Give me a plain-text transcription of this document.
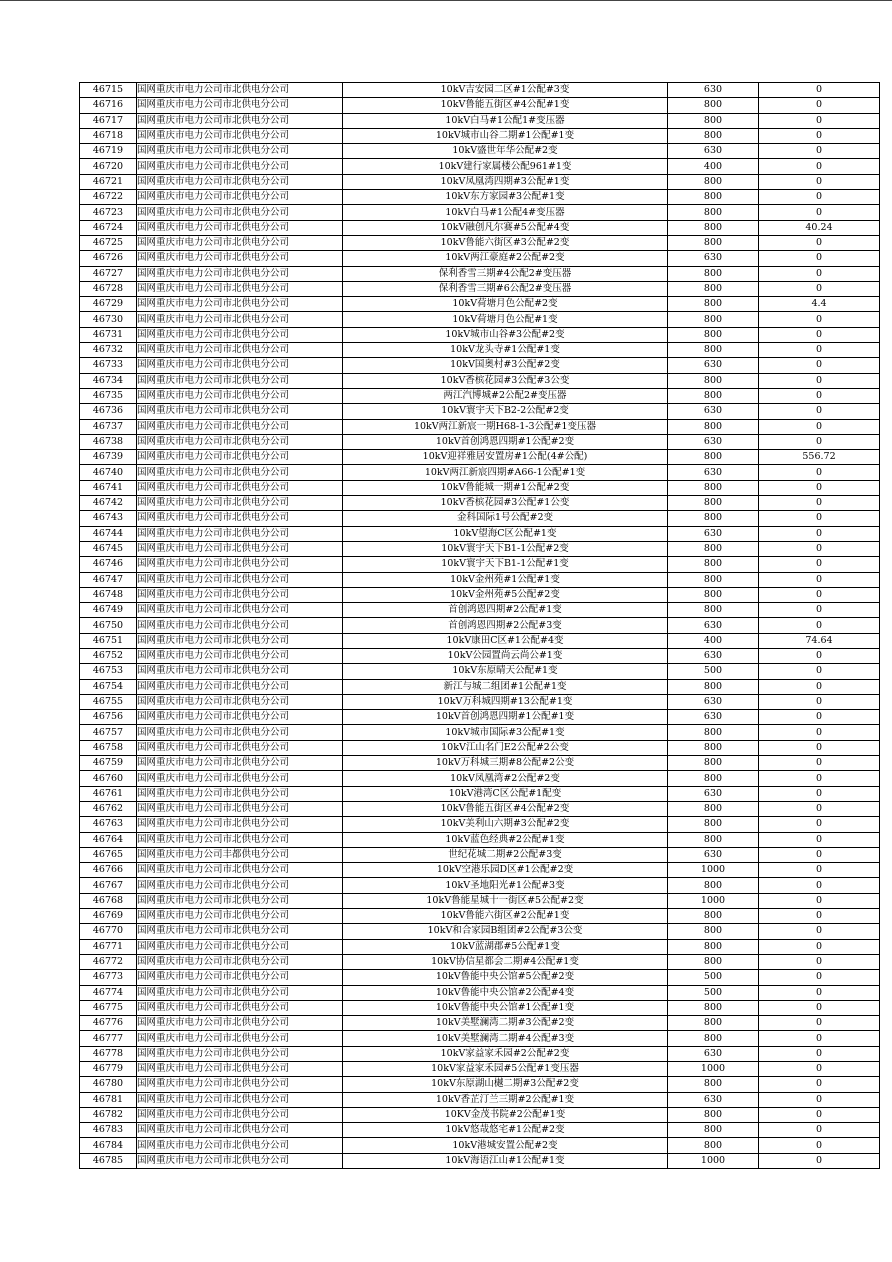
46715	国网重庆市电力公司市北供电分公司	10kV吉安园二区#1公配#3变	630	0
46716	国网重庆市电力公司市北供电分公司	10kV鲁能五街区#4公配#1变	800	0
46717	国网重庆市电力公司市北供电分公司	10kV白马#1公配1#变压器	800	0
46718	国网重庆市电力公司市北供电分公司	10kV城市山谷二期#1公配#1变	800	0
46719	国网重庆市电力公司市北供电分公司	10kV盛世年华公配#2变	630	0
46720	国网重庆市电力公司市北供电分公司	10kV建行家属楼公配961#1变	400	0
46721	国网重庆市电力公司市北供电分公司	10kV凤凰湾四期#3公配#1变	800	0
46722	国网重庆市电力公司市北供电分公司	10kV东方家园#3公配#1变	800	0
46723	国网重庆市电力公司市北供电分公司	10kV白马#1公配4#变压器	800	0
46724	国网重庆市电力公司市北供电分公司	10kV融创凡尔赛#5公配#4变	800	40.24
46725	国网重庆市电力公司市北供电分公司	10kV鲁能六街区#3公配#2变	800	0
46726	国网重庆市电力公司市北供电分公司	10kV两江豪庭#2公配#2变	630	0
46727	国网重庆市电力公司市北供电分公司	保利香雪三期#4公配2#变压器	800	0
46728	国网重庆市电力公司市北供电分公司	保利香雪三期#6公配2#变压器	800	0
46729	国网重庆市电力公司市北供电分公司	10kV荷塘月色公配#2变	800	4.4
46730	国网重庆市电力公司市北供电分公司	10kV荷塘月色公配#1变	800	0
46731	国网重庆市电力公司市北供电分公司	10kV城市山谷#3公配#2变	800	0
46732	国网重庆市电力公司市北供电分公司	10kV龙头寺#1公配#1变	800	0
46733	国网重庆市电力公司市北供电分公司	10kV国奥村#3公配#2变	630	0
46734	国网重庆市电力公司市北供电分公司	10kV香槟花园#3公配#3公变	800	0
46735	国网重庆市电力公司市北供电分公司	两江汽博城#2公配2#变压器	800	0
46736	国网重庆市电力公司市北供电分公司	10kV寰宇天下B2-2公配#2变	630	0
46737	国网重庆市电力公司市北供电分公司	10kV两江新宸一期H68-1-3公配#1变压器	800	0
46738	国网重庆市电力公司市北供电分公司	10kV首创鸿恩四期#1公配#2变	630	0
46739	国网重庆市电力公司市北供电分公司	10kV迎祥雅居安置房#1公配(4#公配)	800	556.72
46740	国网重庆市电力公司市北供电分公司	10kV两江新宸四期#A66-1公配#1变	630	0
46741	国网重庆市电力公司市北供电分公司	10kV鲁能城一期#1公配#2变	800	0
46742	国网重庆市电力公司市北供电分公司	10kV香槟花园#3公配#1公变	800	0
46743	国网重庆市电力公司市北供电分公司	金科国际1号公配#2变	800	0
46744	国网重庆市电力公司市北供电分公司	10kV望海C区公配#1变	630	0
46745	国网重庆市电力公司市北供电分公司	10kV寰宇天下B1-1公配#2变	800	0
46746	国网重庆市电力公司市北供电分公司	10kV寰宇天下B1-1公配#1变	800	0
46747	国网重庆市电力公司市北供电分公司	10kV金州苑#1公配#1变	800	0
46748	国网重庆市电力公司市北供电分公司	10kV金州苑#5公配#2变	800	0
46749	国网重庆市电力公司市北供电分公司	首创鸿恩四期#2公配#1变	800	0
46750	国网重庆市电力公司市北供电分公司	首创鸿恩四期#2公配#3变	630	0
46751	国网重庆市电力公司市北供电分公司	10kV康田C区#1公配#4变	400	74.64
46752	国网重庆市电力公司市北供电分公司	10kV公园置尚云尚公#1变	630	0
46753	国网重庆市电力公司市北供电分公司	10kV东原晴天公配#1变	500	0
46754	国网重庆市电力公司市北供电分公司	新江与城二组团#1公配#1变	800	0
46755	国网重庆市电力公司市北供电分公司	10kV万科城四期#13公配#1变	630	0
46756	国网重庆市电力公司市北供电分公司	10kV首创鸿恩四期#1公配#1变	630	0
46757	国网重庆市电力公司市北供电分公司	10kV城市国际#3公配#1变	800	0
46758	国网重庆市电力公司市北供电分公司	10kV江山名门E2公配#2公变	800	0
46759	国网重庆市电力公司市北供电分公司	10kV万科城三期#8公配#2公变	800	0
46760	国网重庆市电力公司市北供电分公司	10kV凤凰湾#2公配#2变	800	0
46761	国网重庆市电力公司市北供电分公司	10kV港湾C区公配#1配变	630	0
46762	国网重庆市电力公司市北供电分公司	10kV鲁能五街区#4公配#2变	800	0
46763	国网重庆市电力公司市北供电分公司	10kV美利山六期#3公配#2变	800	0
46764	国网重庆市电力公司市北供电分公司	10kV蓝色经典#2公配#1变	800	0
46765	国网重庆市电力公司丰都供电分公司	世纪花城二期#2公配#3变	630	0
46766	国网重庆市电力公司市北供电分公司	10kV空港乐园D区#1公配#2变	1000	0
46767	国网重庆市电力公司市北供电分公司	10kV圣地阳光#1公配#3变	800	0
46768	国网重庆市电力公司市北供电分公司	10kV鲁能星城十一街区#5公配#2变	1000	0
46769	国网重庆市电力公司市北供电分公司	10kV鲁能六街区#2公配#1变	800	0
46770	国网重庆市电力公司市北供电分公司	10kV和合家园B组团#2公配#3公变	800	0
46771	国网重庆市电力公司市北供电分公司	10kV蓝湖郡#5公配#1变	800	0
46772	国网重庆市电力公司市北供电分公司	10kV协信星都会二期#4公配#1变	800	0
46773	国网重庆市电力公司市北供电分公司	10kV鲁能中央公馆#5公配#2变	500	0
46774	国网重庆市电力公司市北供电分公司	10kV鲁能中央公馆#2公配#4变	500	0
46775	国网重庆市电力公司市北供电分公司	10kV鲁能中央公馆#1公配#1变	800	0
46776	国网重庆市电力公司市北供电分公司	10kV美墅澜湾二期#3公配#2变	800	0
46777	国网重庆市电力公司市北供电分公司	10kV美墅澜湾二期#4公配#3变	800	0
46778	国网重庆市电力公司市北供电分公司	10kV家益家禾园#2公配#2变	630	0
46779	国网重庆市电力公司市北供电分公司	10kV家益家禾园#5公配#1变压器	1000	0
46780	国网重庆市电力公司市北供电分公司	10kV东原湖山樾二期#3公配#2变	800	0
46781	国网重庆市电力公司市北供电分公司	10kV香芷汀兰三期#2公配#1变	630	0
46782	国网重庆市电力公司市北供电分公司	10KV金茂书院#2公配#1变	800	0
46783	国网重庆市电力公司市北供电分公司	10kV悠哉悠宅#1公配#2变	800	0
46784	国网重庆市电力公司市北供电分公司	10kV港城安置公配#2变	800	0
46785	国网重庆市电力公司市北供电分公司	10kV海语江山#1公配#1变	1000	0
